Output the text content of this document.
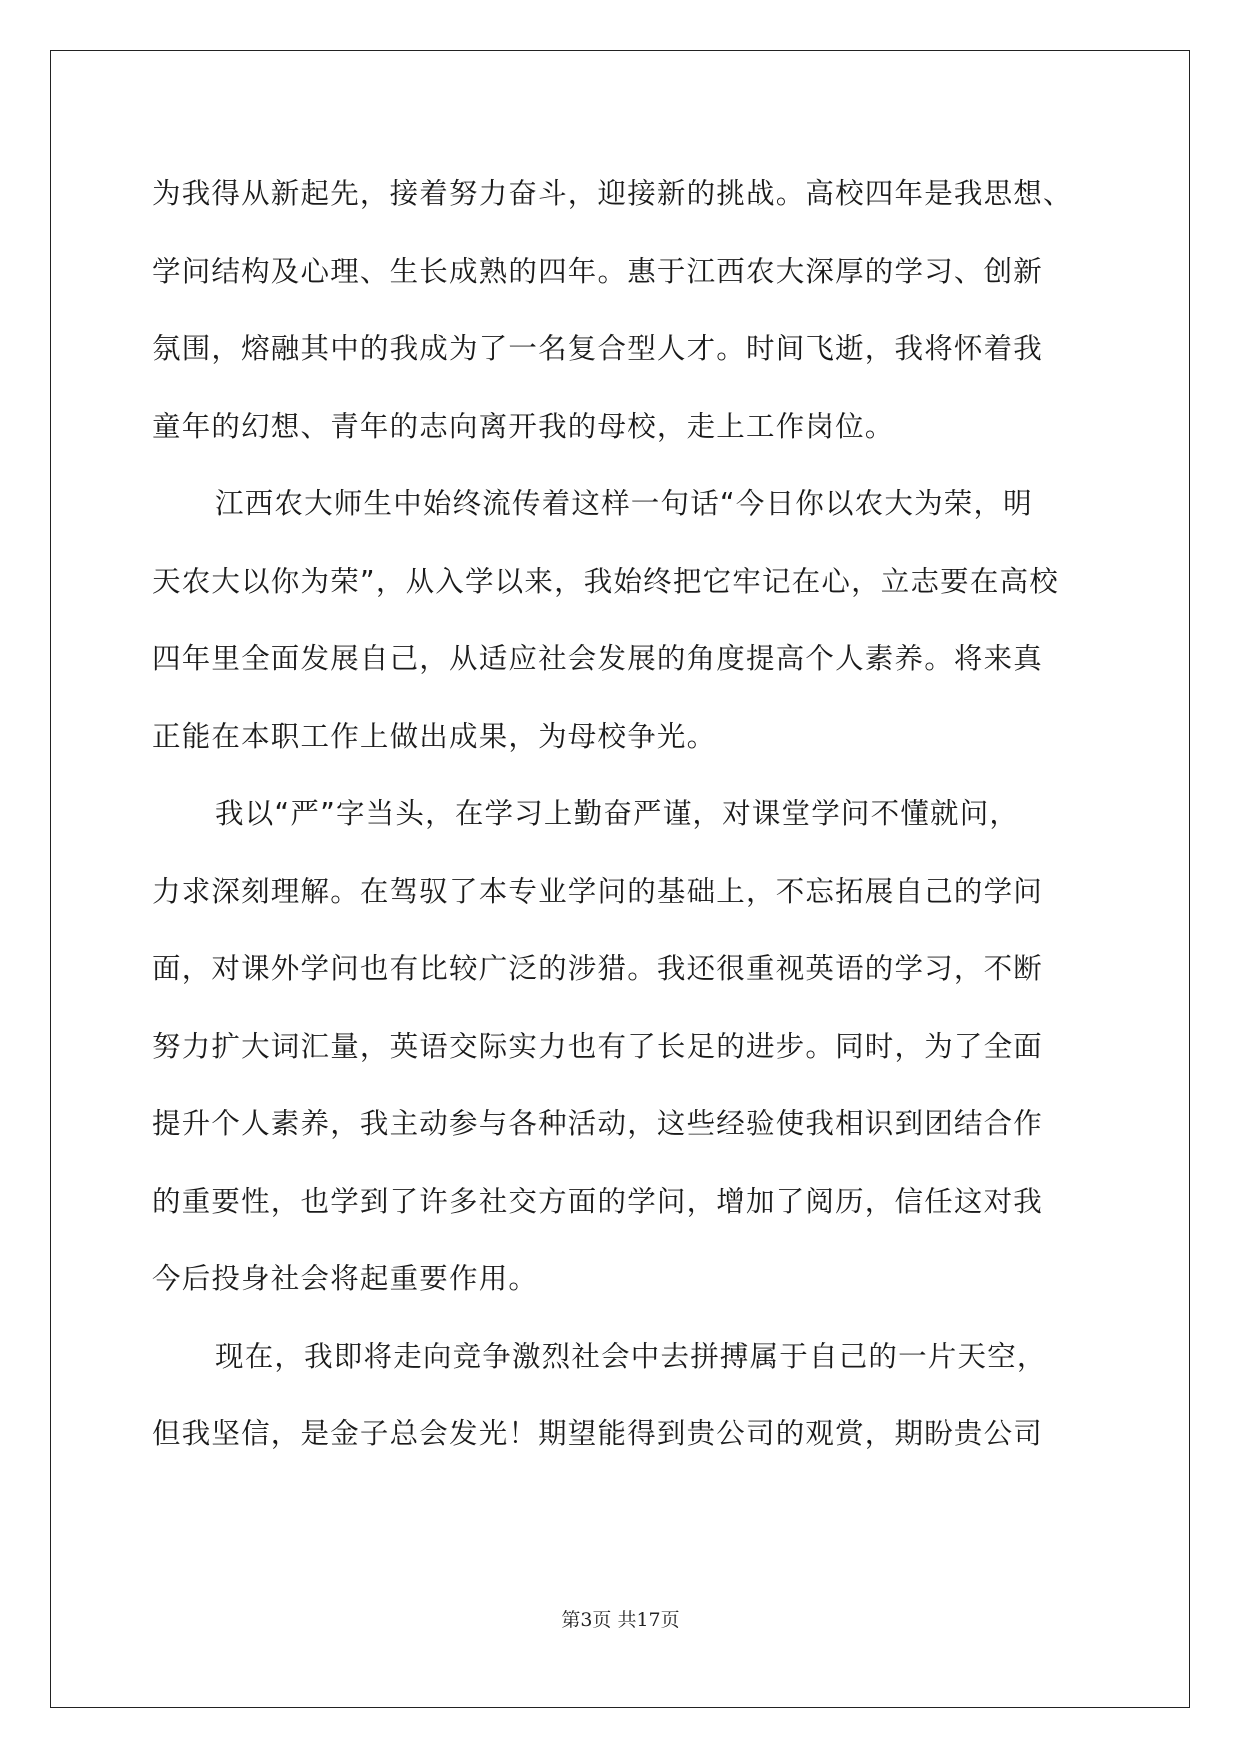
为我得从新起先，接着努力奋斗，迎接新的挑战。高校四年是我思想、
学问结构及心理、生长成熟的四年。惠于江西农大深厚的学习、创新
氛围，熔融其中的我成为了一名复合型人才。时间飞逝，我将怀着我
童年的幻想、青年的志向离开我的母校，走上工作岗位。
江西农大师生中始终流传着这样一句话“今日你以农大为荣，明
天农大以你为荣”，从入学以来，我始终把它牢记在心，立志要在高校
四年里全面发展自己，从适应社会发展的角度提高个人素养。将来真
正能在本职工作上做出成果，为母校争光。
我以“严”字当头，在学习上勤奋严谨，对课堂学问不懂就问，
力求深刻理解。在驾驭了本专业学问的基础上，不忘拓展自己的学问
面，对课外学问也有比较广泛的涉猎。我还很重视英语的学习，不断
努力扩大词汇量，英语交际实力也有了长足的进步。同时，为了全面
提升个人素养，我主动参与各种活动，这些经验使我相识到团结合作
的重要性，也学到了许多社交方面的学问，增加了阅历，信任这对我
今后投身社会将起重要作用。
现在，我即将走向竞争激烈社会中去拼搏属于自己的一片天空，
但我坚信，是金子总会发光！期望能得到贵公司的观赏，期盼贵公司
第3页 共17页
